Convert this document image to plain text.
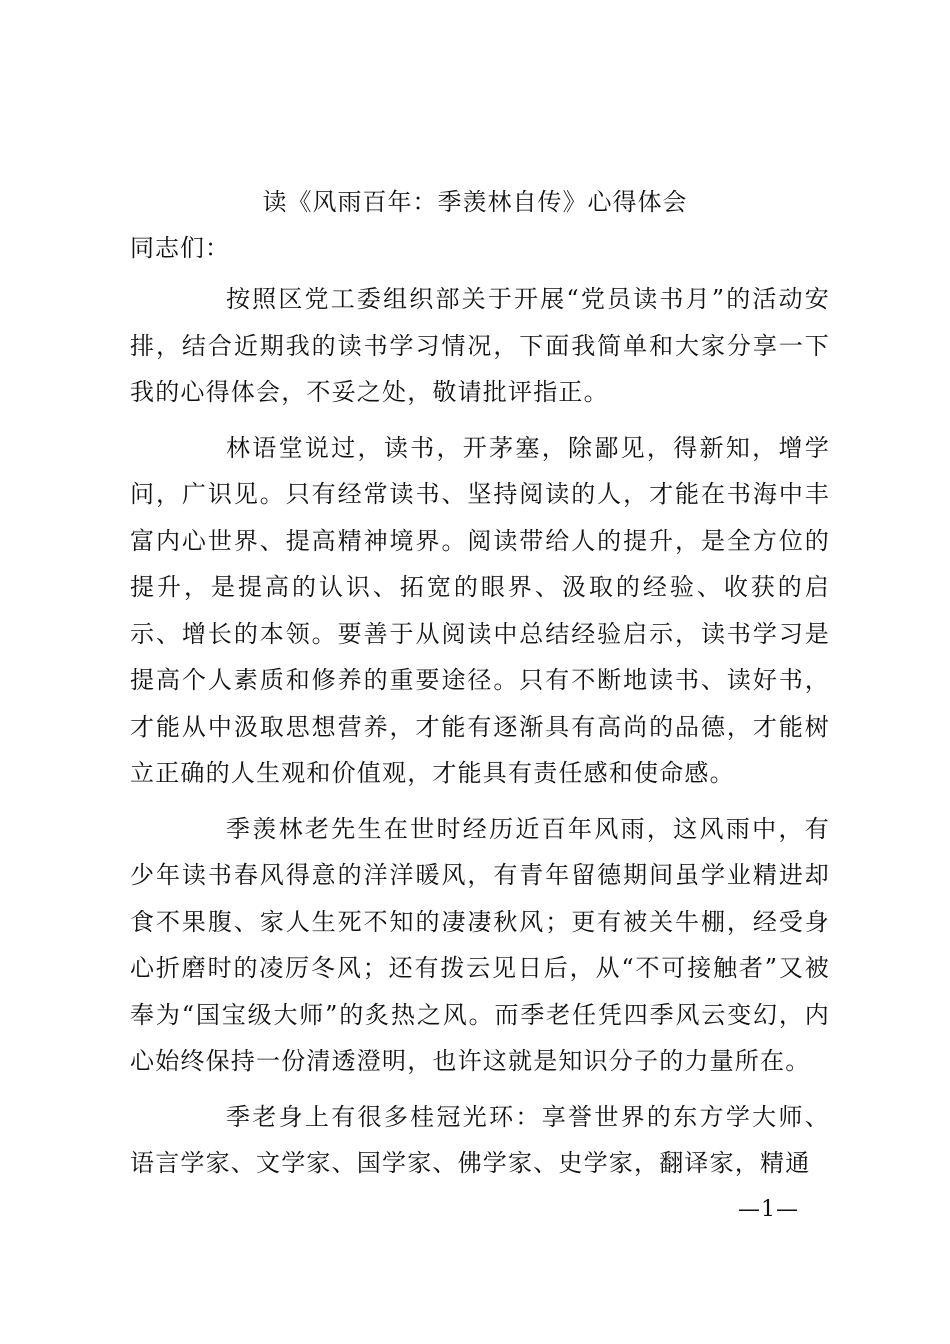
读《风雨百年：季羡林自传》心得体会
同志们：

按照区党工委组织部关于开展“党员读书月”的活动安排，结合近期我的读书学习情况，下面我简单和大家分享一下我的心得体会，不妥之处，敬请批评指正。

林语堂说过，读书，开茅塞，除鄙见，得新知，增学问，广识见。只有经常读书、坚持阅读的人，才能在书海中丰富内心世界、提高精神境界。阅读带给人的提升，是全方位的提升，是提高的认识、拓宽的眼界、汲取的经验、收获的启示、增长的本领。要善于从阅读中总结经验启示，读书学习是提高个人素质和修养的重要途径。只有不断地读书、读好书，才能从中汲取思想营养，才能有逐渐具有高尚的品德，才能树立正确的人生观和价值观，才能具有责任感和使命感。

季羡林老先生在世时经历近百年风雨，这风雨中，有少年读书春风得意的洋洋暖风，有青年留德期间虽学业精进却食不果腹、家人生死不知的凄凄秋风；更有被关牛棚，经受身心折磨时的凌厉冬风；还有拨云见日后，从“不可接触者”又被奉为“国宝级大师”的炙热之风。而季老任凭四季风云变幻，内心始终保持一份清透澄明，也许这就是知识分子的力量所在。

季老身上有很多桂冠光环：享誉世界的东方学大师、语言学家、文学家、国学家、佛学家、史学家，翻译家，精通

—1—
